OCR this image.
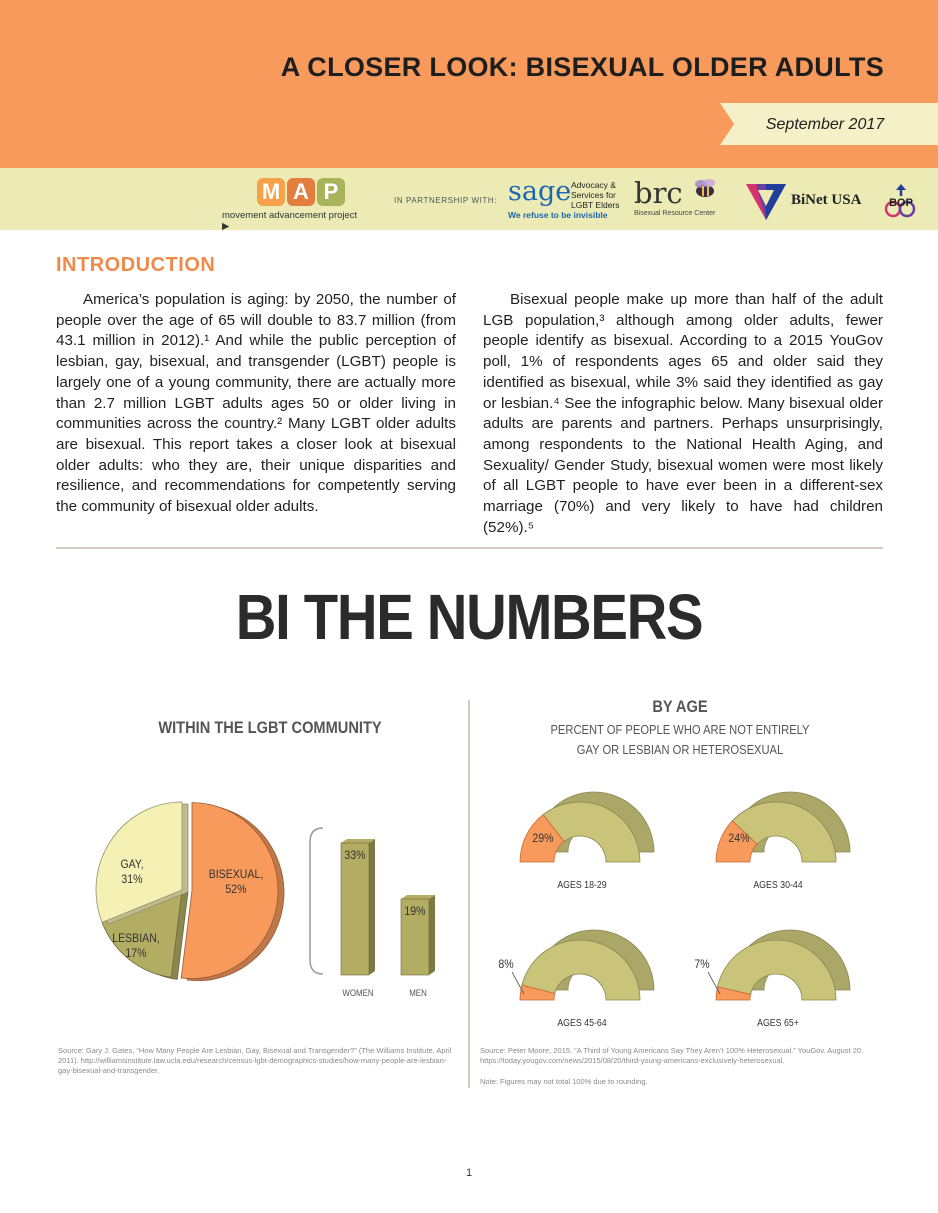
A CLOSER LOOK: BISEXUAL OLDER ADULTS
September 2017
M A P
movement advancement project ▶
IN PARTNERSHIP WITH: sage Advocacy &
Services for
LGBT Elders
We refuse to be invisible
brc
Bisexual Resource Center
BiNet USA	BOP
INTRODUCTION
America’s population is aging: by 2050, the number of people over the age of 65 will double to 83.7 million (from 43.1 million in 2012).¹ And while the public perception of lesbian, gay, bisexual, and transgender (LGBT) people is largely one of a young community, there are actually more than 2.7 million LGBT adults ages 50 or older living in communities across the country.² Many LGBT older adults are bisexual. This report takes a closer look at bisexual older adults: who they are, their unique disparities and resilience, and recommendations for competently serving the community of bisexual older adults.
Bisexual people make up more than half of the adult LGB population,³ although among older adults, fewer people identify as bisexual. According to a 2015 YouGov poll, 1% of respondents ages 65 and older said they identified as bisexual, while 3% said they identified as gay or lesbian.⁴ See the infographic below. Many bisexual older adults are parents and partners. Perhaps unsurprisingly, among respondents to the National Health Aging, and Sexuality/ Gender Study, bisexual women were most likely of all LGBT people to have ever been in a different-sex marriage (70%) and very likely to have had children (52%).⁵
BI THE NUMBERS
WITHIN THE LGBT COMMUNITY
BY AGE
PERCENT OF PEOPLE WHO ARE NOT ENTIRELY
GAY OR LESBIAN OR HETEROSEXUAL
BISEXUAL,
52%
LESBIAN,
17%
GAY,
31%
33%
WOMEN
19%
MEN
29%
AGES 18-29
24%
AGES 30-44
8%
AGES 45-64
7%
AGES 65+
Source: Gary J. Gates, “How Many People Are Lesbian, Gay, Bisexual and Transgender?” (The Williams Institute, April 2011). http://williamsinstitute.law.ucla.edu/research/census-lgbt-demographics-studies/how-many-people-are-lesbian-gay-bisexual-and-transgender.
Source: Peter Moore, 2015. “A Third of Young Americans Say They Aren’t 100% Heterosexual.” YouGov. August 20. https://today.yougov.com/news/2015/08/20/third-young-americans-exclusively-heterosexual.
Note: Figures may not total 100% due to rounding.
1
